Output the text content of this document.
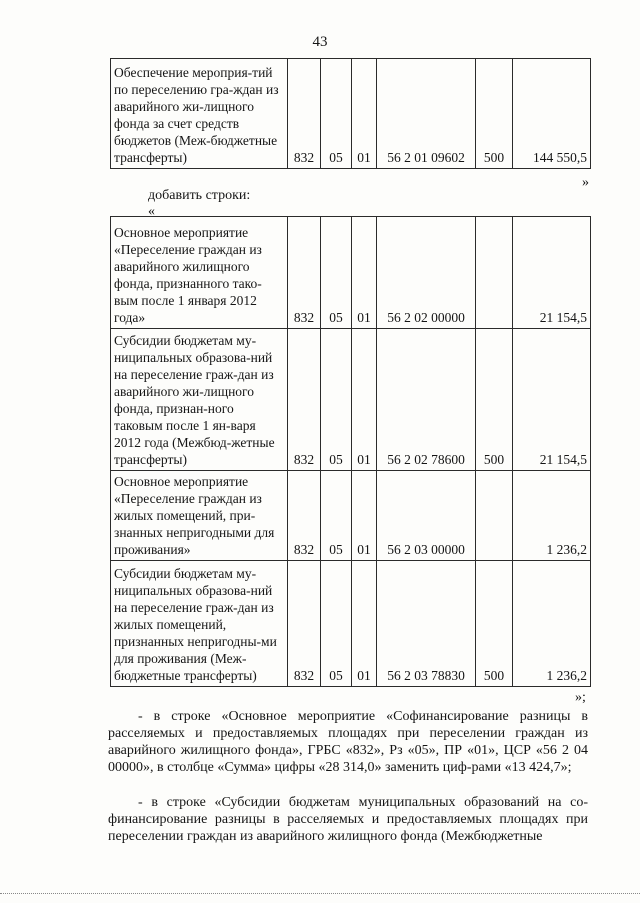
43
Обеспечение мероприя-тий по переселению гра-ждан из аварийного жи-лищного фонда за счет средств бюджетов (Меж-бюджетные трансферты)	832	05	01	56 2 01 09602	500	144 550,5
»
добавить строки:
«
Основное мероприятие «Переселение граждан из аварийного жилищного фонда, признанного тако-вым после 1 января 2012 года»	832	05	01	56 2 02 00000		21 154,5
Субсидии бюджетам му-ниципальных образова-ний на переселение граж-дан из аварийного жи-лищного фонда, признан-ного таковым после 1 ян-варя 2012 года (Межбюд-жетные трансферты)	832	05	01	56 2 02 78600	500	21 154,5
Основное мероприятие «Переселение граждан из жилых помещений, при-знанных непригодными для проживания»	832	05	01	56 2 03 00000		1 236,2
Субсидии бюджетам му-ниципальных образова-ний на переселение граж-дан из жилых помещений, признанных непригодны-ми для проживания (Меж-бюджетные трансферты)	832	05	01	56 2 03 78830	500	1 236,2
»;
- в строке «Основное мероприятие «Софинансирование разницы в расселяемых и предоставляемых площадях при переселении граждан из аварийного жилищного фонда», ГРБС «832», Рз «05», ПР «01», ЦСР «56 2 04 00000», в столбце «Сумма» цифры «28 314,0» заменить циф-рами «13 424,7»;
- в строке «Субсидии бюджетам муниципальных образований на со-финансирование разницы в расселяемых и предоставляемых площадях при переселении граждан из аварийного жилищного фонда (Межбюджетные
